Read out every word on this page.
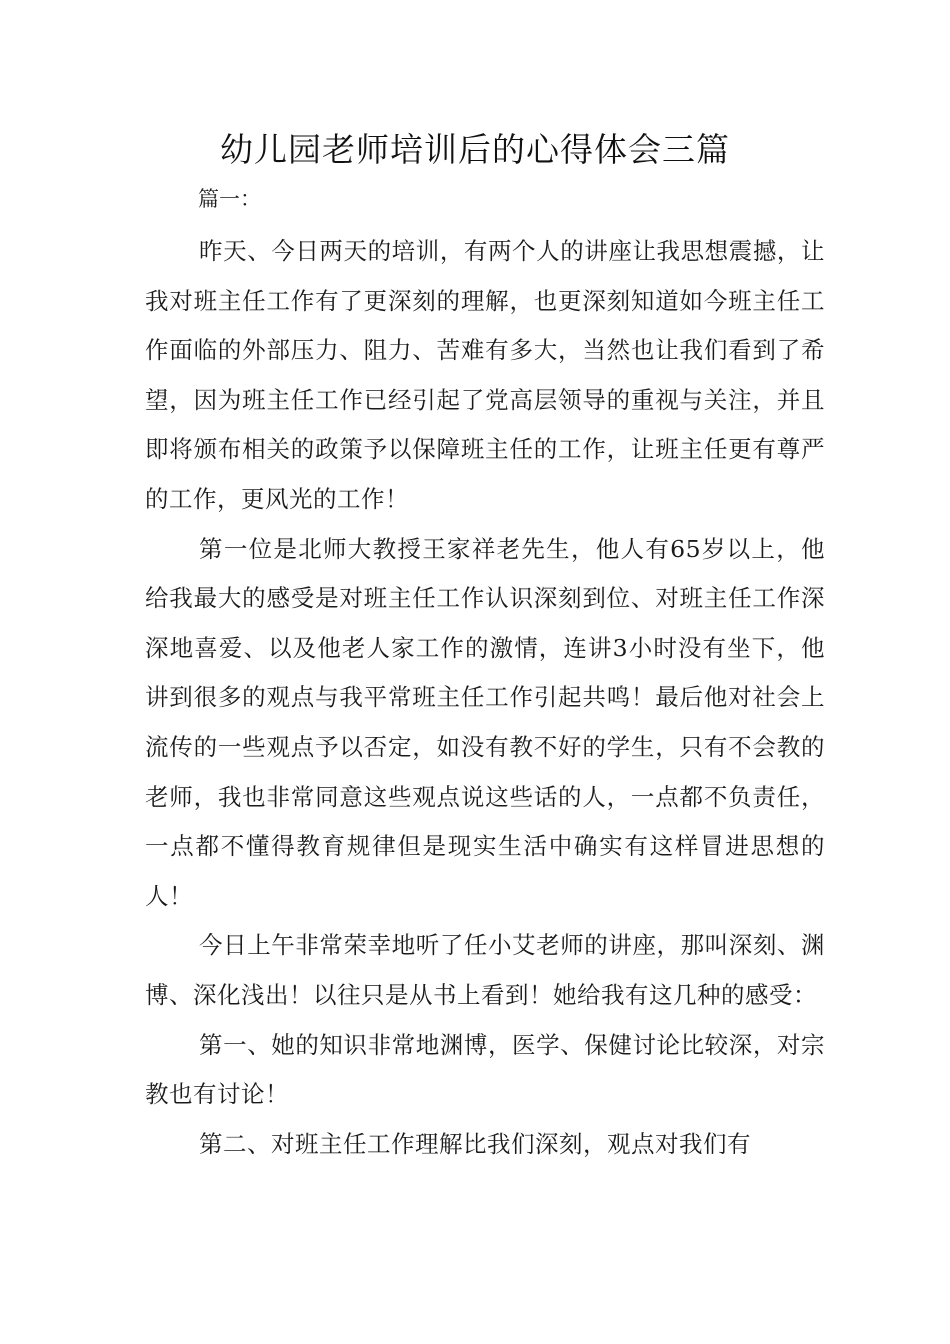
幼儿园老师培训后的心得体会三篇
篇一：

昨天、今日两天的培训，有两个人的讲座让我思想震撼，让我对班主任工作有了更深刻的理解，也更深刻知道如今班主任工作面临的外部压力、阻力、苦难有多大，当然也让我们看到了希望，因为班主任工作已经引起了党高层领导的重视与关注，并且即将颁布相关的政策予以保障班主任的工作，让班主任更有尊严的工作，更风光的工作！

第一位是北师大教授王家祥老先生，他人有65岁以上，他给我最大的感受是对班主任工作认识深刻到位、对班主任工作深深地喜爱、以及他老人家工作的激情，连讲3小时没有坐下，他讲到很多的观点与我平常班主任工作引起共鸣！最后他对社会上流传的一些观点予以否定，如没有教不好的学生，只有不会教的老师，我也非常同意这些观点说这些话的人，一点都不负责任，一点都不懂得教育规律但是现实生活中确实有这样冒进思想的人！

今日上午非常荣幸地听了任小艾老师的讲座，那叫深刻、渊博、深化浅出！以往只是从书上看到！她给我有这几种的感受：

第一、她的知识非常地渊博，医学、保健讨论比较深，对宗教也有讨论！

第二、对班主任工作理解比我们深刻，观点对我们有
